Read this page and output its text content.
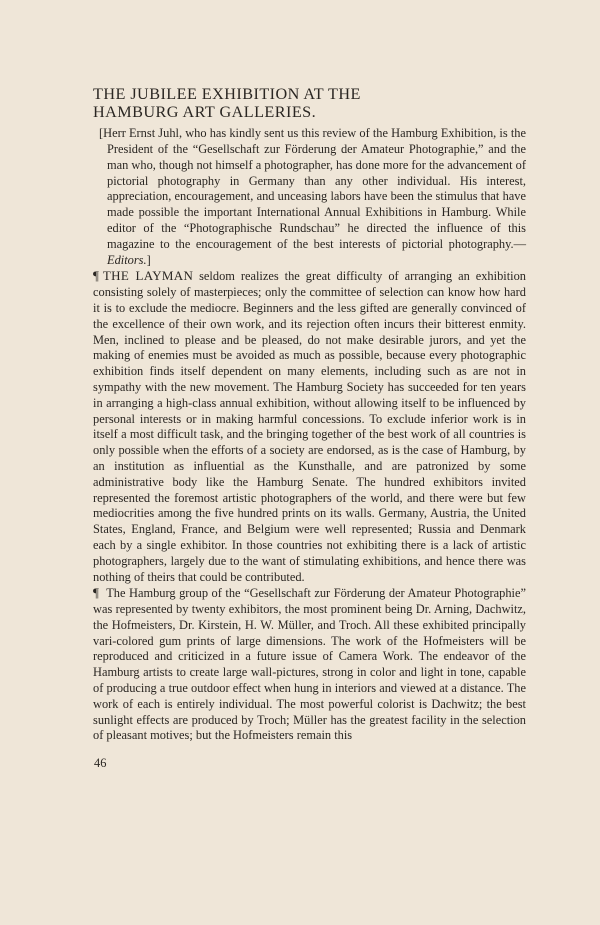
THE JUBILEE EXHIBITION AT THE
HAMBURG ART GALLERIES.

[Herr Ernst Juhl, who has kindly sent us this review of the Hamburg Exhibition, is the President of the “Gesellschaft zur Förderung der Amateur Photographie,” and the man who, though not himself a photographer, has done more for the advancement of pictorial photography in Germany than any other individual. His interest, appreciation, encouragement, and unceasing labors have been the stimulus that have made possible the important International Annual Exhibitions in Hamburg. While editor of the “Photographische Rundschau” he directed the influence of this magazine to the encouragement of the best interests of pictorial photography.—Editors.]

¶ THE LAYMAN seldom realizes the great difficulty of arranging an exhibition consisting solely of masterpieces; only the committee of selection can know how hard it is to exclude the mediocre. Beginners and the less gifted are generally convinced of the excellence of their own work, and its rejection often incurs their bitterest enmity. Men, inclined to please and be pleased, do not make desirable jurors, and yet the making of enemies must be avoided as much as possible, because every photographic exhibition finds itself dependent on many elements, including such as are not in sympathy with the new movement. The Hamburg Society has succeeded for ten years in arranging a high-class annual exhibition, without allowing itself to be influenced by personal interests or in making harmful concessions. To exclude inferior work is in itself a most difficult task, and the bringing together of the best work of all countries is only possible when the efforts of a society are endorsed, as is the case of Hamburg, by an institution as influential as the Kunsthalle, and are patronized by some administrative body like the Hamburg Senate. The hundred exhibitors invited represented the foremost artistic photographers of the world, and there were but few mediocrities among the five hundred prints on its walls. Germany, Austria, the United States, England, France, and Belgium were well represented; Russia and Denmark each by a single exhibitor. In those countries not exhibiting there is a lack of artistic photographers, largely due to the want of stimulating exhibitions, and hence there was nothing of theirs that could be contributed.

¶ The Hamburg group of the “Gesellschaft zur Förderung der Amateur Photographie” was represented by twenty exhibitors, the most prominent being Dr. Arning, Dachwitz, the Hofmeisters, Dr. Kirstein, H. W. Müller, and Troch. All these exhibited principally vari-colored gum prints of large dimensions. The work of the Hofmeisters will be reproduced and criticized in a future issue of Camera Work. The endeavor of the Hamburg artists to create large wall-pictures, strong in color and light in tone, capable of producing a true outdoor effect when hung in interiors and viewed at a distance. The work of each is entirely individual. The most powerful colorist is Dachwitz; the best sunlight effects are produced by Troch; Müller has the greatest facility in the selection of pleasant motives; but the Hofmeisters remain this

46
